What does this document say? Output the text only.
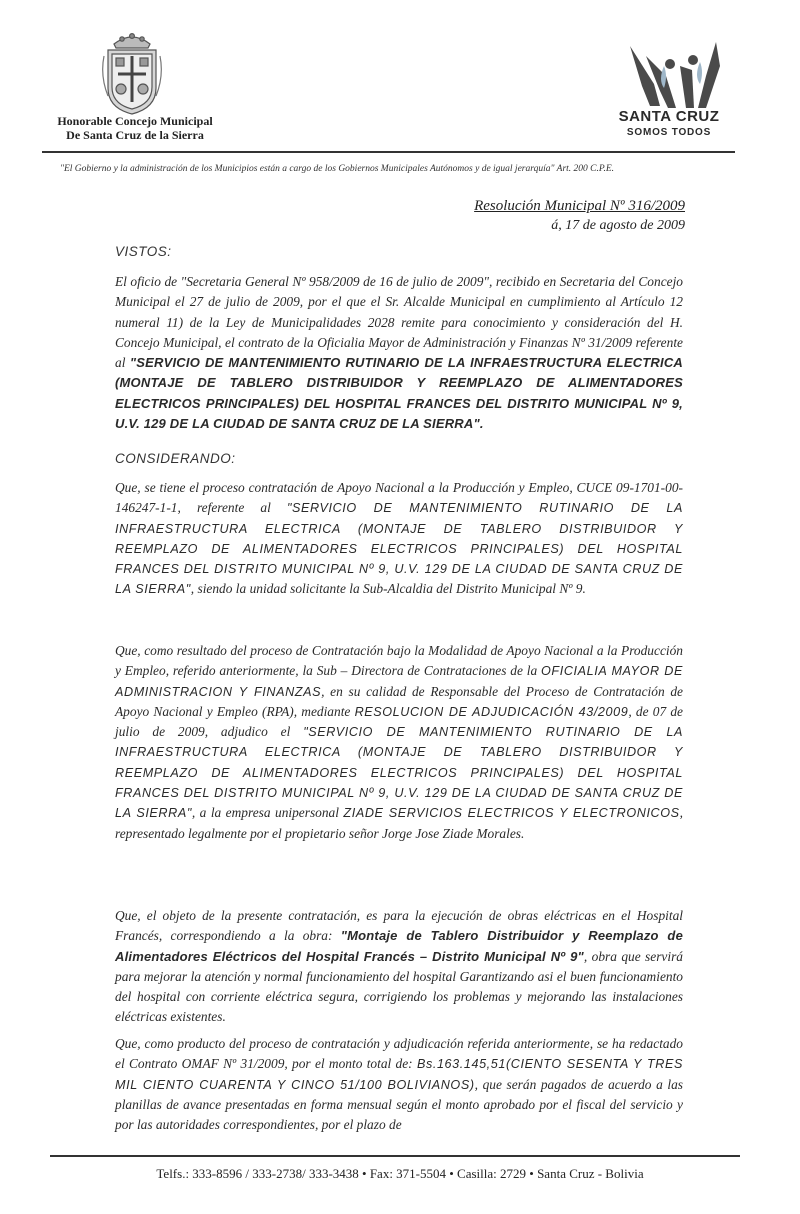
Honorable Concejo Municipal
De Santa Cruz de la Sierra
SANTA CRUZ
SOMOS TODOS
"El Gobierno y la administración de los Municipios están a cargo de los Gobiernos Municipales Autónomos y de igual jerarquía" Art. 200 C.P.E.
Resolución Municipal Nº 316/2009
á, 17 de agosto de 2009
VISTOS:

El oficio de "Secretaria General Nº 958/2009 de 16 de julio de 2009", recibido en Secretaria del Concejo Municipal el 27 de julio de 2009, por el que el Sr. Alcalde Municipal en cumplimiento al Artículo 12 numeral 11) de la Ley de Municipalidades 2028 remite para conocimiento y consideración del H. Concejo Municipal, el contrato de la Oficialia Mayor de Administración y Finanzas Nº 31/2009 referente al "SERVICIO DE MANTENIMIENTO RUTINARIO DE LA INFRAESTRUCTURA ELECTRICA (MONTAJE DE TABLERO DISTRIBUIDOR Y REEMPLAZO DE ALIMENTADORES ELECTRICOS PRINCIPALES) DEL HOSPITAL FRANCES DEL DISTRITO MUNICIPAL Nº 9, U.V. 129 DE LA CIUDAD DE SANTA CRUZ DE LA SIERRA".

CONSIDERANDO:

Que, se tiene el proceso contratación de Apoyo Nacional a la Producción y Empleo, CUCE 09-1701-00-146247-1-1, referente al "SERVICIO DE MANTENIMIENTO RUTINARIO DE LA INFRAESTRUCTURA ELECTRICA (MONTAJE DE TABLERO DISTRIBUIDOR Y REEMPLAZO DE ALIMENTADORES ELECTRICOS PRINCIPALES) DEL HOSPITAL FRANCES DEL DISTRITO MUNICIPAL Nº 9, U.V. 129 DE LA CIUDAD DE SANTA CRUZ DE LA SIERRA", siendo la unidad solicitante la Sub-Alcaldia del Distrito Municipal Nº 9.

Que, como resultado del proceso de Contratación bajo la Modalidad de Apoyo Nacional a la Producción y Empleo, referido anteriormente, la Sub – Directora de Contrataciones de la OFICIALIA MAYOR DE ADMINISTRACION Y FINANZAS, en su calidad de Responsable del Proceso de Contratación de Apoyo Nacional y Empleo (RPA), mediante RESOLUCION DE ADJUDICACIÓN 43/2009, de 07 de julio de 2009, adjudico el "SERVICIO DE MANTENIMIENTO RUTINARIO DE LA INFRAESTRUCTURA ELECTRICA (MONTAJE DE TABLERO DISTRIBUIDOR Y REEMPLAZO DE ALIMENTADORES ELECTRICOS PRINCIPALES) DEL HOSPITAL FRANCES DEL DISTRITO MUNICIPAL Nº 9, U.V. 129 DE LA CIUDAD DE SANTA CRUZ DE LA SIERRA", a la empresa unipersonal ZIADE SERVICIOS ELECTRICOS Y ELECTRONICOS, representado legalmente por el propietario señor Jorge Jose Ziade Morales.

Que, el objeto de la presente contratación, es para la ejecución de obras eléctricas en el Hospital Francés, correspondiendo a la obra: "Montaje de Tablero Distribuidor y Reemplazo de Alimentadores Eléctricos del Hospital Francés – Distrito Municipal Nº 9", obra que servirá para mejorar la atención y normal funcionamiento del hospital Garantizando asi el buen funcionamiento del hospital con corriente eléctrica segura, corrigiendo los problemas y mejorando las instalaciones eléctricas existentes.

Que, como producto del proceso de contratación y adjudicación referida anteriormente, se ha redactado el Contrato OMAF Nº 31/2009, por el monto total de: Bs.163.145,51(CIENTO SESENTA Y TRES MIL CIENTO CUARENTA Y CINCO 51/100 BOLIVIANOS), que serán pagados de acuerdo a las planillas de avance presentadas en forma mensual según el monto aprobado por el fiscal del servicio y por las autoridades correspondientes, por el plazo de

Telfs.: 333-8596 / 333-2738/ 333-3438 • Fax: 371-5504 • Casilla: 2729 • Santa Cruz - Bolivia
